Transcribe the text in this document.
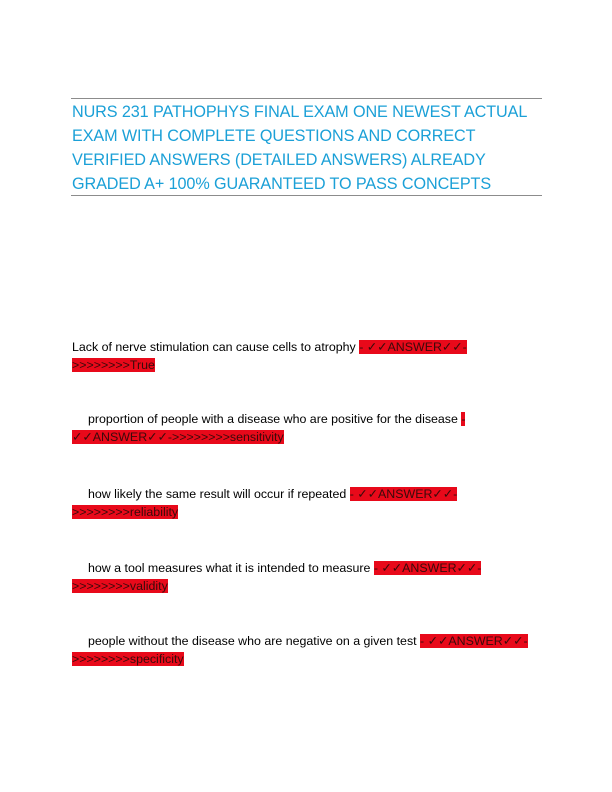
NURS 231 PATHOPHYS FINAL EXAM ONE NEWEST ACTUAL EXAM WITH COMPLETE QUESTIONS AND CORRECT VERIFIED ANSWERS (DETAILED ANSWERS) ALREADY GRADED A+ 100% GUARANTEED TO PASS CONCEPTS
Lack of nerve stimulation can cause cells to atrophy - ✓✓ANSWER✓✓->>>>>>>>True
proportion of people with a disease who are positive for the disease - ✓✓ANSWER✓✓->>>>>>>>sensitivity
how likely the same result will occur if repeated - ✓✓ANSWER✓✓->>>>>>>>reliability
how a tool measures what it is intended to measure - ✓✓ANSWER✓✓->>>>>>>>validity
people without the disease who are negative on a given test - ✓✓ANSWER✓✓->>>>>>>>specificity
